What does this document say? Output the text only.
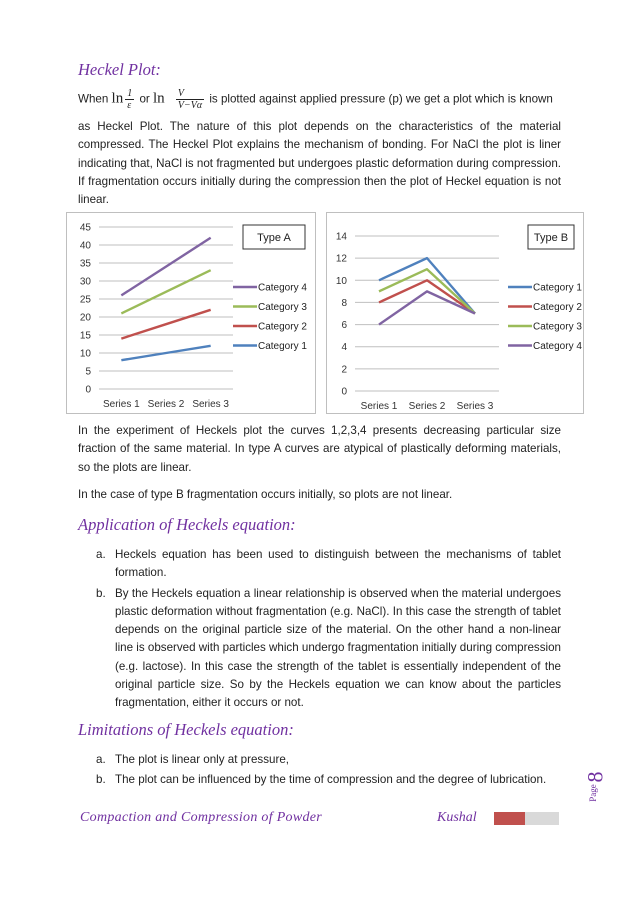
Heckel Plot:
When $\ln \frac{1}{\varepsilon}$ or $\ln \frac{V}{V-V\alpha}$ is plotted against applied pressure (p) we get a plot which is known
as Heckel Plot. The nature of this plot depends on the characteristics of the material compressed. The Heckel Plot explains the mechanism of bonding. For NaCl the plot is liner indicating that, NaCl is not fragmented but undergoes plastic deformation during compression. If fragmentation occurs initially during the compression then the plot of Heckel equation is not linear.
0
5
10
15
20
25
30
35
40
45
Series 1 Series 2 Series 3
Type A
Category 4
Category 3
Category 2
Category 1
0
2
4
6
8
10
12
14
Series 1 Series 2 Series 3
Type B
Category 1
Category 2
Category 3
Category 4
In the experiment of Heckels plot the curves 1,2,3,4 presents decreasing particular size fraction of the same material. In type A curves are atypical of plastically deforming materials, so the plots are linear.
In the case of type B fragmentation occurs initially, so plots are not linear.
Application of Heckels equation:
a. Heckels equation has been used to distinguish between the mechanisms of tablet formation.
b. By the Heckels equation a linear relationship is observed when the material undergoes plastic deformation without fragmentation (e.g. NaCl). In this case the strength of tablet depends on the original particle size of the material. On the other hand a non-linear line is observed with particles which undergo fragmentation initially during compression (e.g. lactose). In this case the strength of the tablet is essentially independent of the original particle size. So by the Heckels equation we can know about the particles fragmentation, either it occurs or not.
Limitations of Heckels equation:
a. The plot is linear only at pressure,
b. The plot can be influenced by the time of compression and the degree of lubrication.	8
Page
Compaction and Compression of Powder	Kushal
